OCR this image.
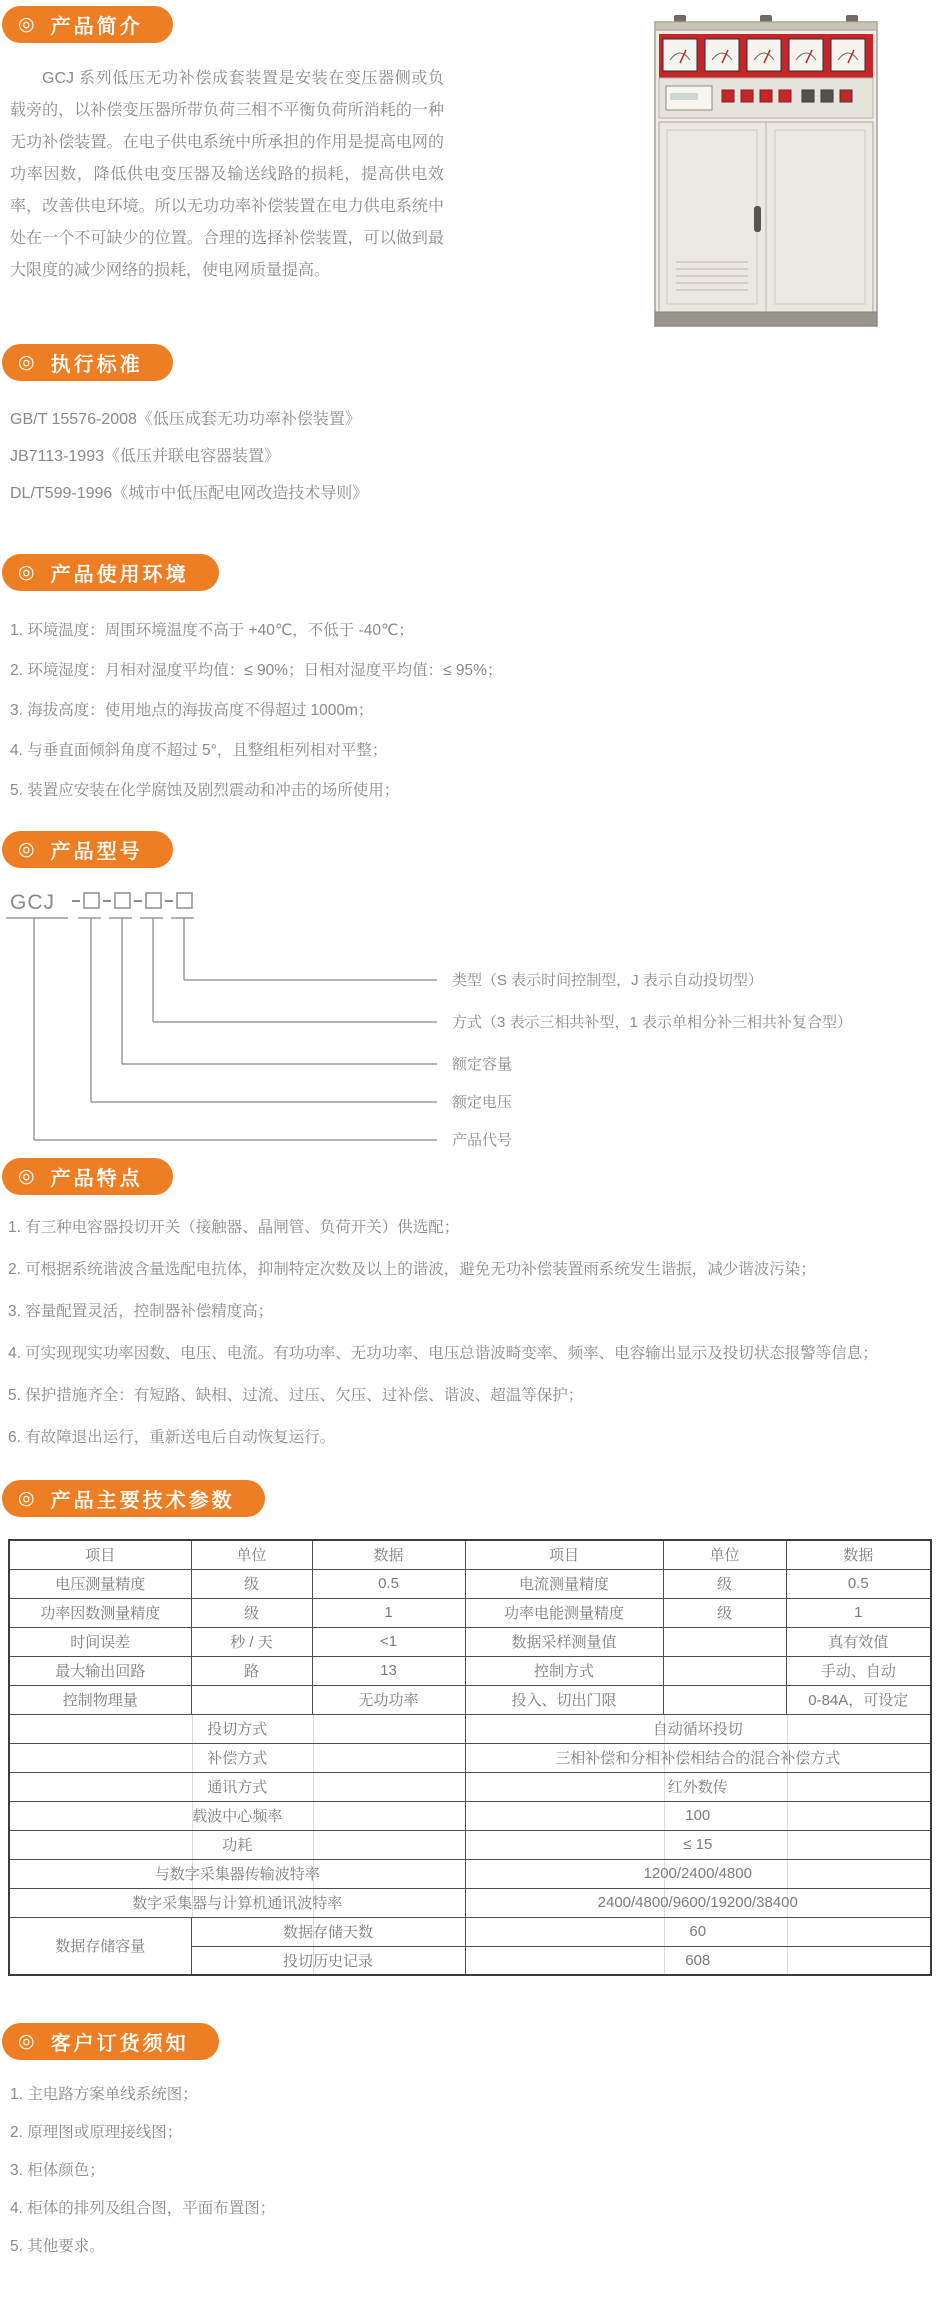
◎ 产品简介

GCJ 系列低压无功补偿成套装置是安装在变压器侧或负载旁的，以补偿变压器所带负荷三相不平衡负荷所消耗的一种无功补偿装置。在电子供电系统中所承担的作用是提高电网的功率因数，降低供电变压器及输送线路的损耗，提高供电效率，改善供电环境。所以无功功率补偿装置在电力供电系统中处在一个不可缺少的位置。合理的选择补偿装置，可以做到最大限度的减少网络的损耗，使电网质量提高。

◎ 执行标准
GB/T 15576-2008《低压成套无功功率补偿装置》
JB7113-1993《低压并联电容器装置》
DL/T599-1996《城市中低压配电网改造技术导则》
◎ 产品使用环境
1. 环境温度：周围环境温度不高于 +40℃，不低于 -40℃；
2. 环境湿度：月相对湿度平均值：≤ 90%；日相对湿度平均值：≤ 95%；
3. 海拔高度：使用地点的海拔高度不得超过 1000m；
4. 与垂直面倾斜角度不超过 5°，且整组柜列相对平整；
5. 装置应安装在化学腐蚀及剧烈震动和冲击的场所使用；
◎ 产品型号
GCJ
类型（S 表示时间控制型，J 表示自动投切型）
方式（3 表示三相共补型，1 表示单相分补三相共补复合型）
额定容量
额定电压
产品代号
◎ 产品特点
1. 有三种电容器投切开关（接触器、晶闸管、负荷开关）供选配；
2. 可根据系统谐波含量选配电抗体，抑制特定次数及以上的谐波，避免无功补偿装置雨系统发生谐振，减少谐波污染；
3. 容量配置灵活，控制器补偿精度高；
4. 可实现现实功率因数、电压、电流。有功功率、无功功率、电压总谐波畸变率、频率、电容输出显示及投切状态报警等信息；
5. 保护措施齐全：有短路、缺相、过流、过压、欠压、过补偿、谐波、超温等保护；
6. 有故障退出运行，重新送电后自动恢复运行。
◎ 产品主要技术参数
项目	单位	数据	项目	单位	数据
电压测量精度	级	0.5	电流测量精度	级	0.5
功率因数测量精度	级	1	功率电能测量精度	级	1
时间误差	秒 / 天	<1	数据采样测量值		真有效值
最大输出回路	路	13	控制方式		手动、自动
控制物理量		无功功率	投入、切出门限		0-84A，可设定
投切方式			自动循坏投切		
补偿方式			三相补偿和分相补偿相结合的混合补偿方式		
通讯方式			红外数传		
载波中心频率			100		
功耗			≤ 15		
与数字采集器传输波特率			1200/2400/4800		
数字采集器与计算机通讯波特率			2400/4800/9600/19200/38400		
数据存储容量	数据存储天数		60		
	投切历史记录		608		
◎ 客户订货须知
1. 主电路方案单线系统图；
2. 原理图或原理接线图；
3. 柜体颜色；
4. 柜体的排列及组合图，平面布置图；
5. 其他要求。
